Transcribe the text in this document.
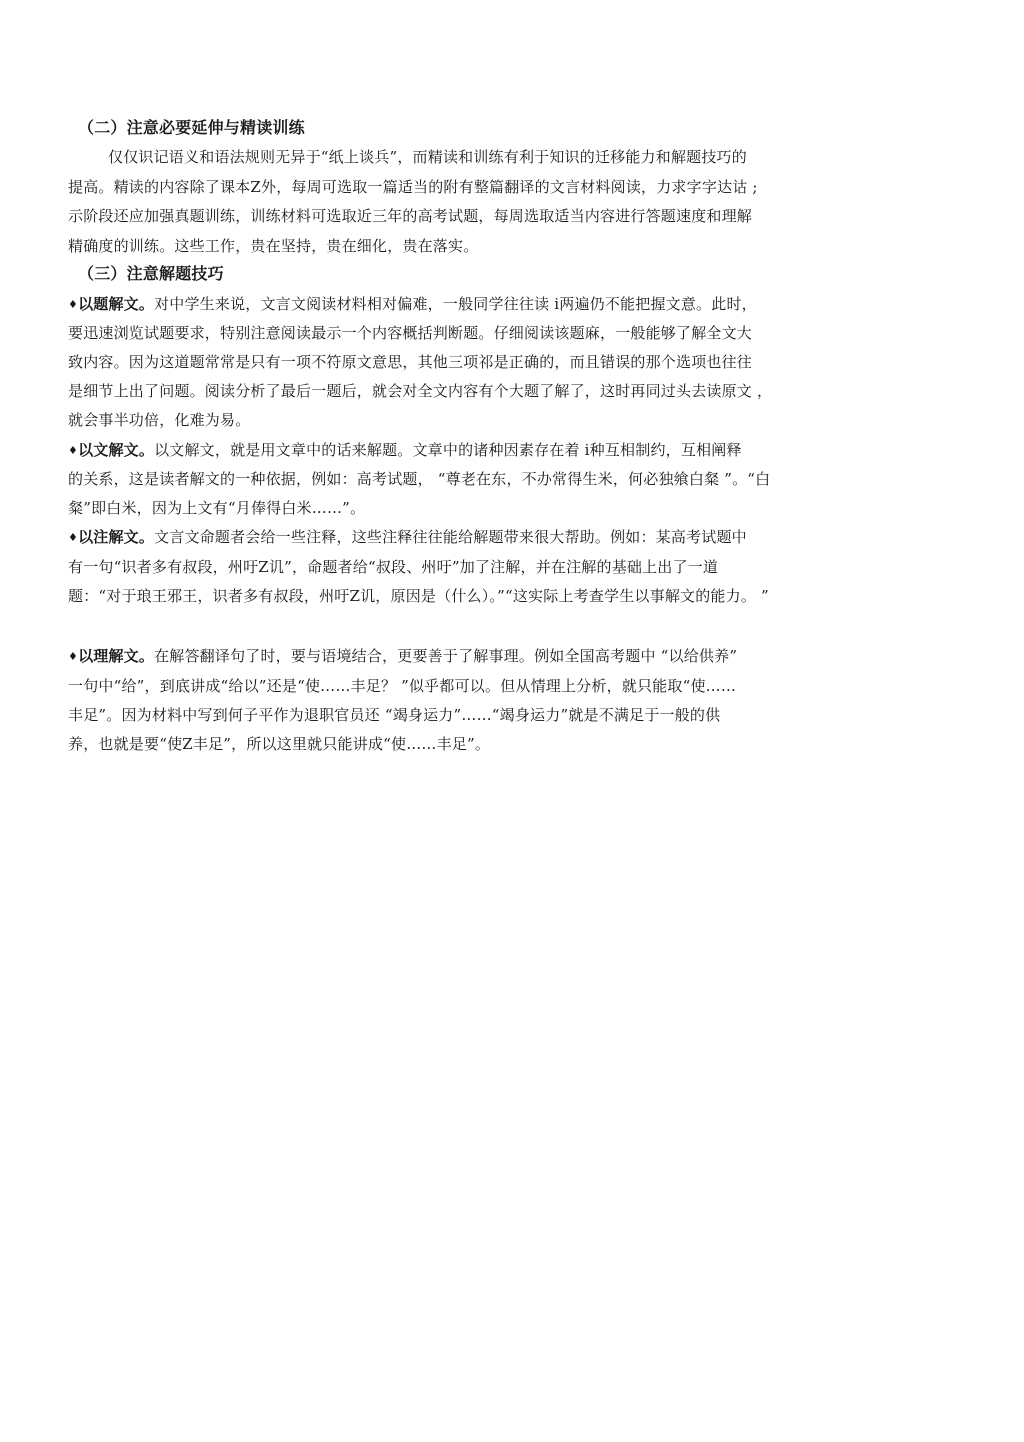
（二）注意必要延伸与精读训练
仅仅识记语义和语法规则无异于“纸上谈兵”，而精读和训练有利于知识的迁移能力和解题技巧的
提高。精读的内容除了课本Z外，每周可选取一篇适当的附有整篇翻译的文言材料阅读，力求字字达诂 ;
示阶段还应加强真题训练，训练材料可选取近三年的高考试题，每周选取适当内容进行答题速度和理解
精确度的训练。这些工作，贵在坚持，贵在细化，贵在落实。
（三）注意解题技巧
♦以题解文。对中学生来说，文言文阅读材料相对偏难，一般同学往往读 i两遍仍不能把握文意。此时，
要迅速浏览试题要求，特别注意阅读最示一个内容概括判断题。仔细阅读该题麻，一般能够了解全文大
致内容。因为这道题常常是只有一项不符原文意思，其他三项祁是正确的，而且错误的那个选项也往往
是细节上出了问题。阅读分析了最后一题后，就会对全文内容有个大题了解了，这时再同过头去读原文 ，
就会事半功倍，化难为易。
♦以文解文。以文解文，就是用文章中的话来解题。文章中的诸种因素存在着 i种互相制约，互相阐释
的关系，这是读者解文的一种依据，例如：高考试题， “尊老在东，不办常得生米，何必独飨白粲 ”。“白
粲”即白米，因为上文有“月俸得白米……”。
♦以注解文。文言文命题者会给一些注释，这些注释往往能给解题带来很大帮助。例如：某高考试题中
有一句“识者多有叔段，州吁Z讥”，命题者给“叔段、州吁”加了注解，并在注解的基础上出了一道
题：“对于琅王邪王，识者多有叔段，州吁Z讥，原因是（什么）。”“这实际上考查学生以事解文的能力。 ”
♦以理解文。在解答翻译句了时，要与语境结合，更要善于了解事理。例如全国高考题中 “以给供养”
一句中“给”，到底讲成“给以”还是“使……丰足？ ”似乎都可以。但从情理上分析，就只能取“使……
丰足”。因为材料中写到何子平作为退职官员还 “竭身运力”……“竭身运力”就是不满足于一般的供
养，也就是要“使Z丰足”，所以这里就只能讲成“使……丰足”。
